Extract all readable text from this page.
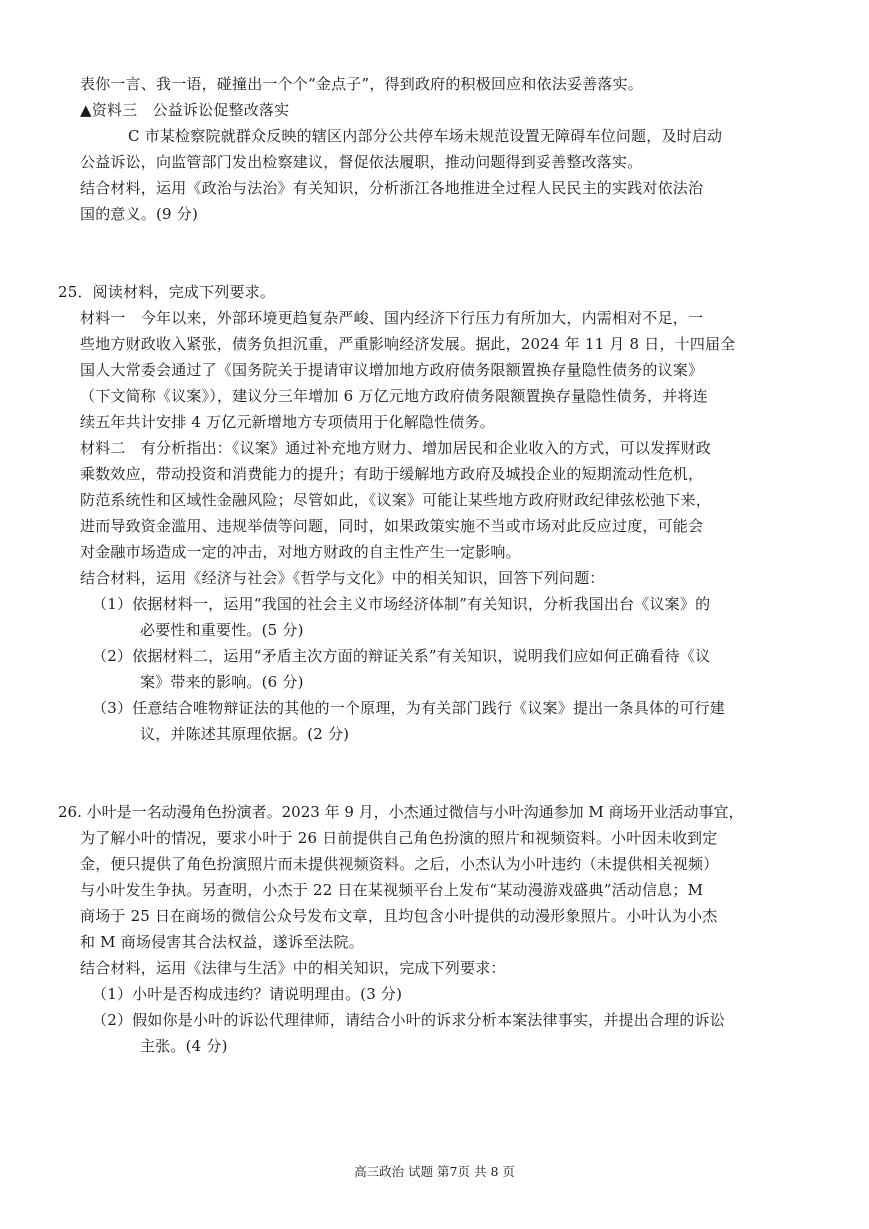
表你一言、我一语，碰撞出一个个“金点子”，得到政府的积极回应和依法妥善落实。
▲资料三　公益诉讼促整改落实
C 市某检察院就群众反映的辖区内部分公共停车场未规范设置无障碍车位问题，及时启动
公益诉讼，向监管部门发出检察建议，督促依法履职，推动问题得到妥善整改落实。
结合材料，运用《政治与法治》有关知识，分析浙江各地推进全过程人民民主的实践对依法治
国的意义。(9 分)
25．阅读材料，完成下列要求。
材料一　今年以来，外部环境更趋复杂严峻、国内经济下行压力有所加大，内需相对不足，一
些地方财政收入紧张，债务负担沉重，严重影响经济发展。据此，2024 年 11 月 8 日，十四届全
国人大常委会通过了《国务院关于提请审议增加地方政府债务限额置换存量隐性债务的议案》
（下文简称《议案》），建议分三年增加 6 万亿元地方政府债务限额置换存量隐性债务，并将连
续五年共计安排 4 万亿元新增地方专项债用于化解隐性债务。
材料二　有分析指出：《议案》通过补充地方财力、增加居民和企业收入的方式，可以发挥财政
乘数效应，带动投资和消费能力的提升；有助于缓解地方政府及城投企业的短期流动性危机，
防范系统性和区域性金融风险；尽管如此，《议案》可能让某些地方政府财政纪律弦松弛下来，
进而导致资金滥用、违规举债等问题，同时，如果政策实施不当或市场对此反应过度，可能会
对金融市场造成一定的冲击，对地方财政的自主性产生一定影响。
结合材料，运用《经济与社会》《哲学与文化》中的相关知识，回答下列问题：
（1）依据材料一，运用“我国的社会主义市场经济体制”有关知识，分析我国出台《议案》的
必要性和重要性。(5 分)
（2）依据材料二，运用“矛盾主次方面的辩证关系”有关知识，说明我们应如何正确看待《议
案》带来的影响。(6 分)
（3）任意结合唯物辩证法的其他的一个原理，为有关部门践行《议案》提出一条具体的可行建
议，并陈述其原理依据。(2 分)
26. 小叶是一名动漫角色扮演者。2023 年 9 月，小杰通过微信与小叶沟通参加 M 商场开业活动事宜，
为了解小叶的情况，要求小叶于 26 日前提供自己角色扮演的照片和视频资料。小叶因未收到定
金，便只提供了角色扮演照片而未提供视频资料。之后，小杰认为小叶违约（未提供相关视频）
与小叶发生争执。另查明，小杰于 22 日在某视频平台上发布“某动漫游戏盛典”活动信息；M
商场于 25 日在商场的微信公众号发布文章，且均包含小叶提供的动漫形象照片。小叶认为小杰
和 M 商场侵害其合法权益，遂诉至法院。
结合材料，运用《法律与生活》中的相关知识，完成下列要求：
（1）小叶是否构成违约？请说明理由。(3 分)
（2）假如你是小叶的诉讼代理律师，请结合小叶的诉求分析本案法律事实，并提出合理的诉讼
主张。(4 分)
高三政治 试题 第7页 共 8 页
